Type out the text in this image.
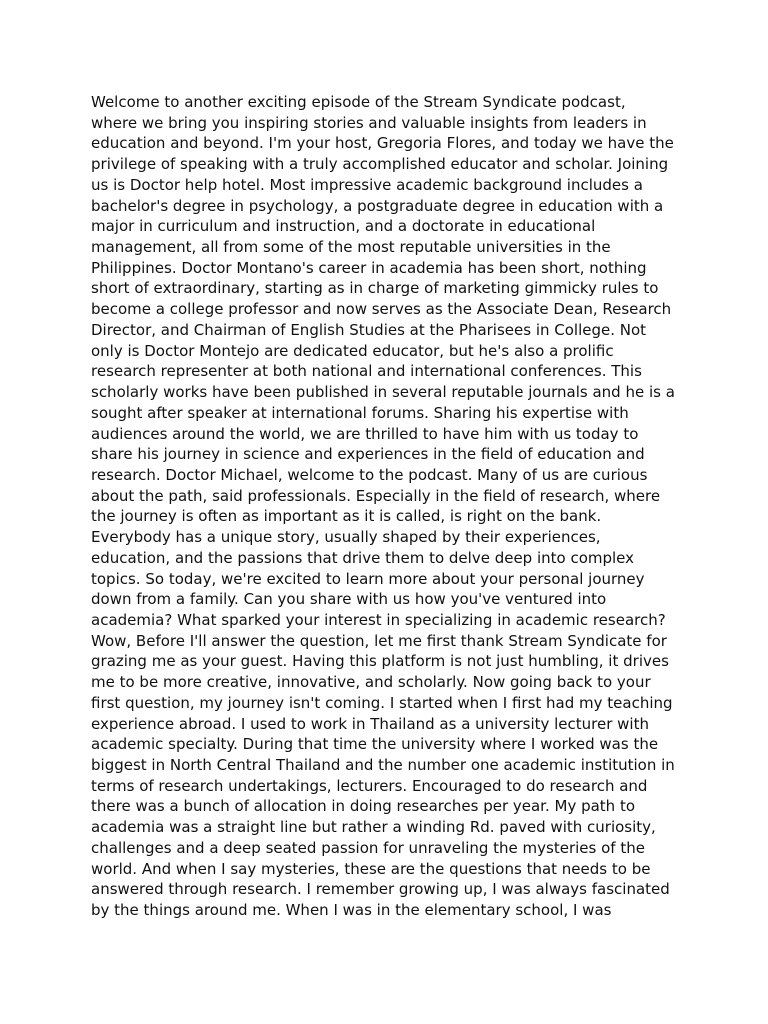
Welcome to another exciting episode of the Stream Syndicate podcast,
where we bring you inspiring stories and valuable insights from leaders in
education and beyond. I'm your host, Gregoria Flores, and today we have the
privilege of speaking with a truly accomplished educator and scholar. Joining
us is Doctor help hotel. Most impressive academic background includes a
bachelor's degree in psychology, a postgraduate degree in education with a
major in curriculum and instruction, and a doctorate in educational
management, all from some of the most reputable universities in the
Philippines. Doctor Montano's career in academia has been short, nothing
short of extraordinary, starting as in charge of marketing gimmicky rules to
become a college professor and now serves as the Associate Dean, Research
Director, and Chairman of English Studies at the Pharisees in College. Not
only is Doctor Montejo are dedicated educator, but he's also a prolific
research representer at both national and international conferences. This
scholarly works have been published in several reputable journals and he is a
sought after speaker at international forums. Sharing his expertise with
audiences around the world, we are thrilled to have him with us today to
share his journey in science and experiences in the field of education and
research. Doctor Michael, welcome to the podcast. Many of us are curious
about the path, said professionals. Especially in the field of research, where
the journey is often as important as it is called, is right on the bank.
Everybody has a unique story, usually shaped by their experiences,
education, and the passions that drive them to delve deep into complex
topics. So today, we're excited to learn more about your personal journey
down from a family. Can you share with us how you've ventured into
academia? What sparked your interest in specializing in academic research?
Wow, Before I'll answer the question, let me first thank Stream Syndicate for
grazing me as your guest. Having this platform is not just humbling, it drives
me to be more creative, innovative, and scholarly. Now going back to your
first question, my journey isn't coming. I started when I first had my teaching
experience abroad. I used to work in Thailand as a university lecturer with
academic specialty. During that time the university where I worked was the
biggest in North Central Thailand and the number one academic institution in
terms of research undertakings, lecturers. Encouraged to do research and
there was a bunch of allocation in doing researches per year. My path to
academia was a straight line but rather a winding Rd. paved with curiosity,
challenges and a deep seated passion for unraveling the mysteries of the
world. And when I say mysteries, these are the questions that needs to be
answered through research. I remember growing up, I was always fascinated
by the things around me. When I was in the elementary school, I was
